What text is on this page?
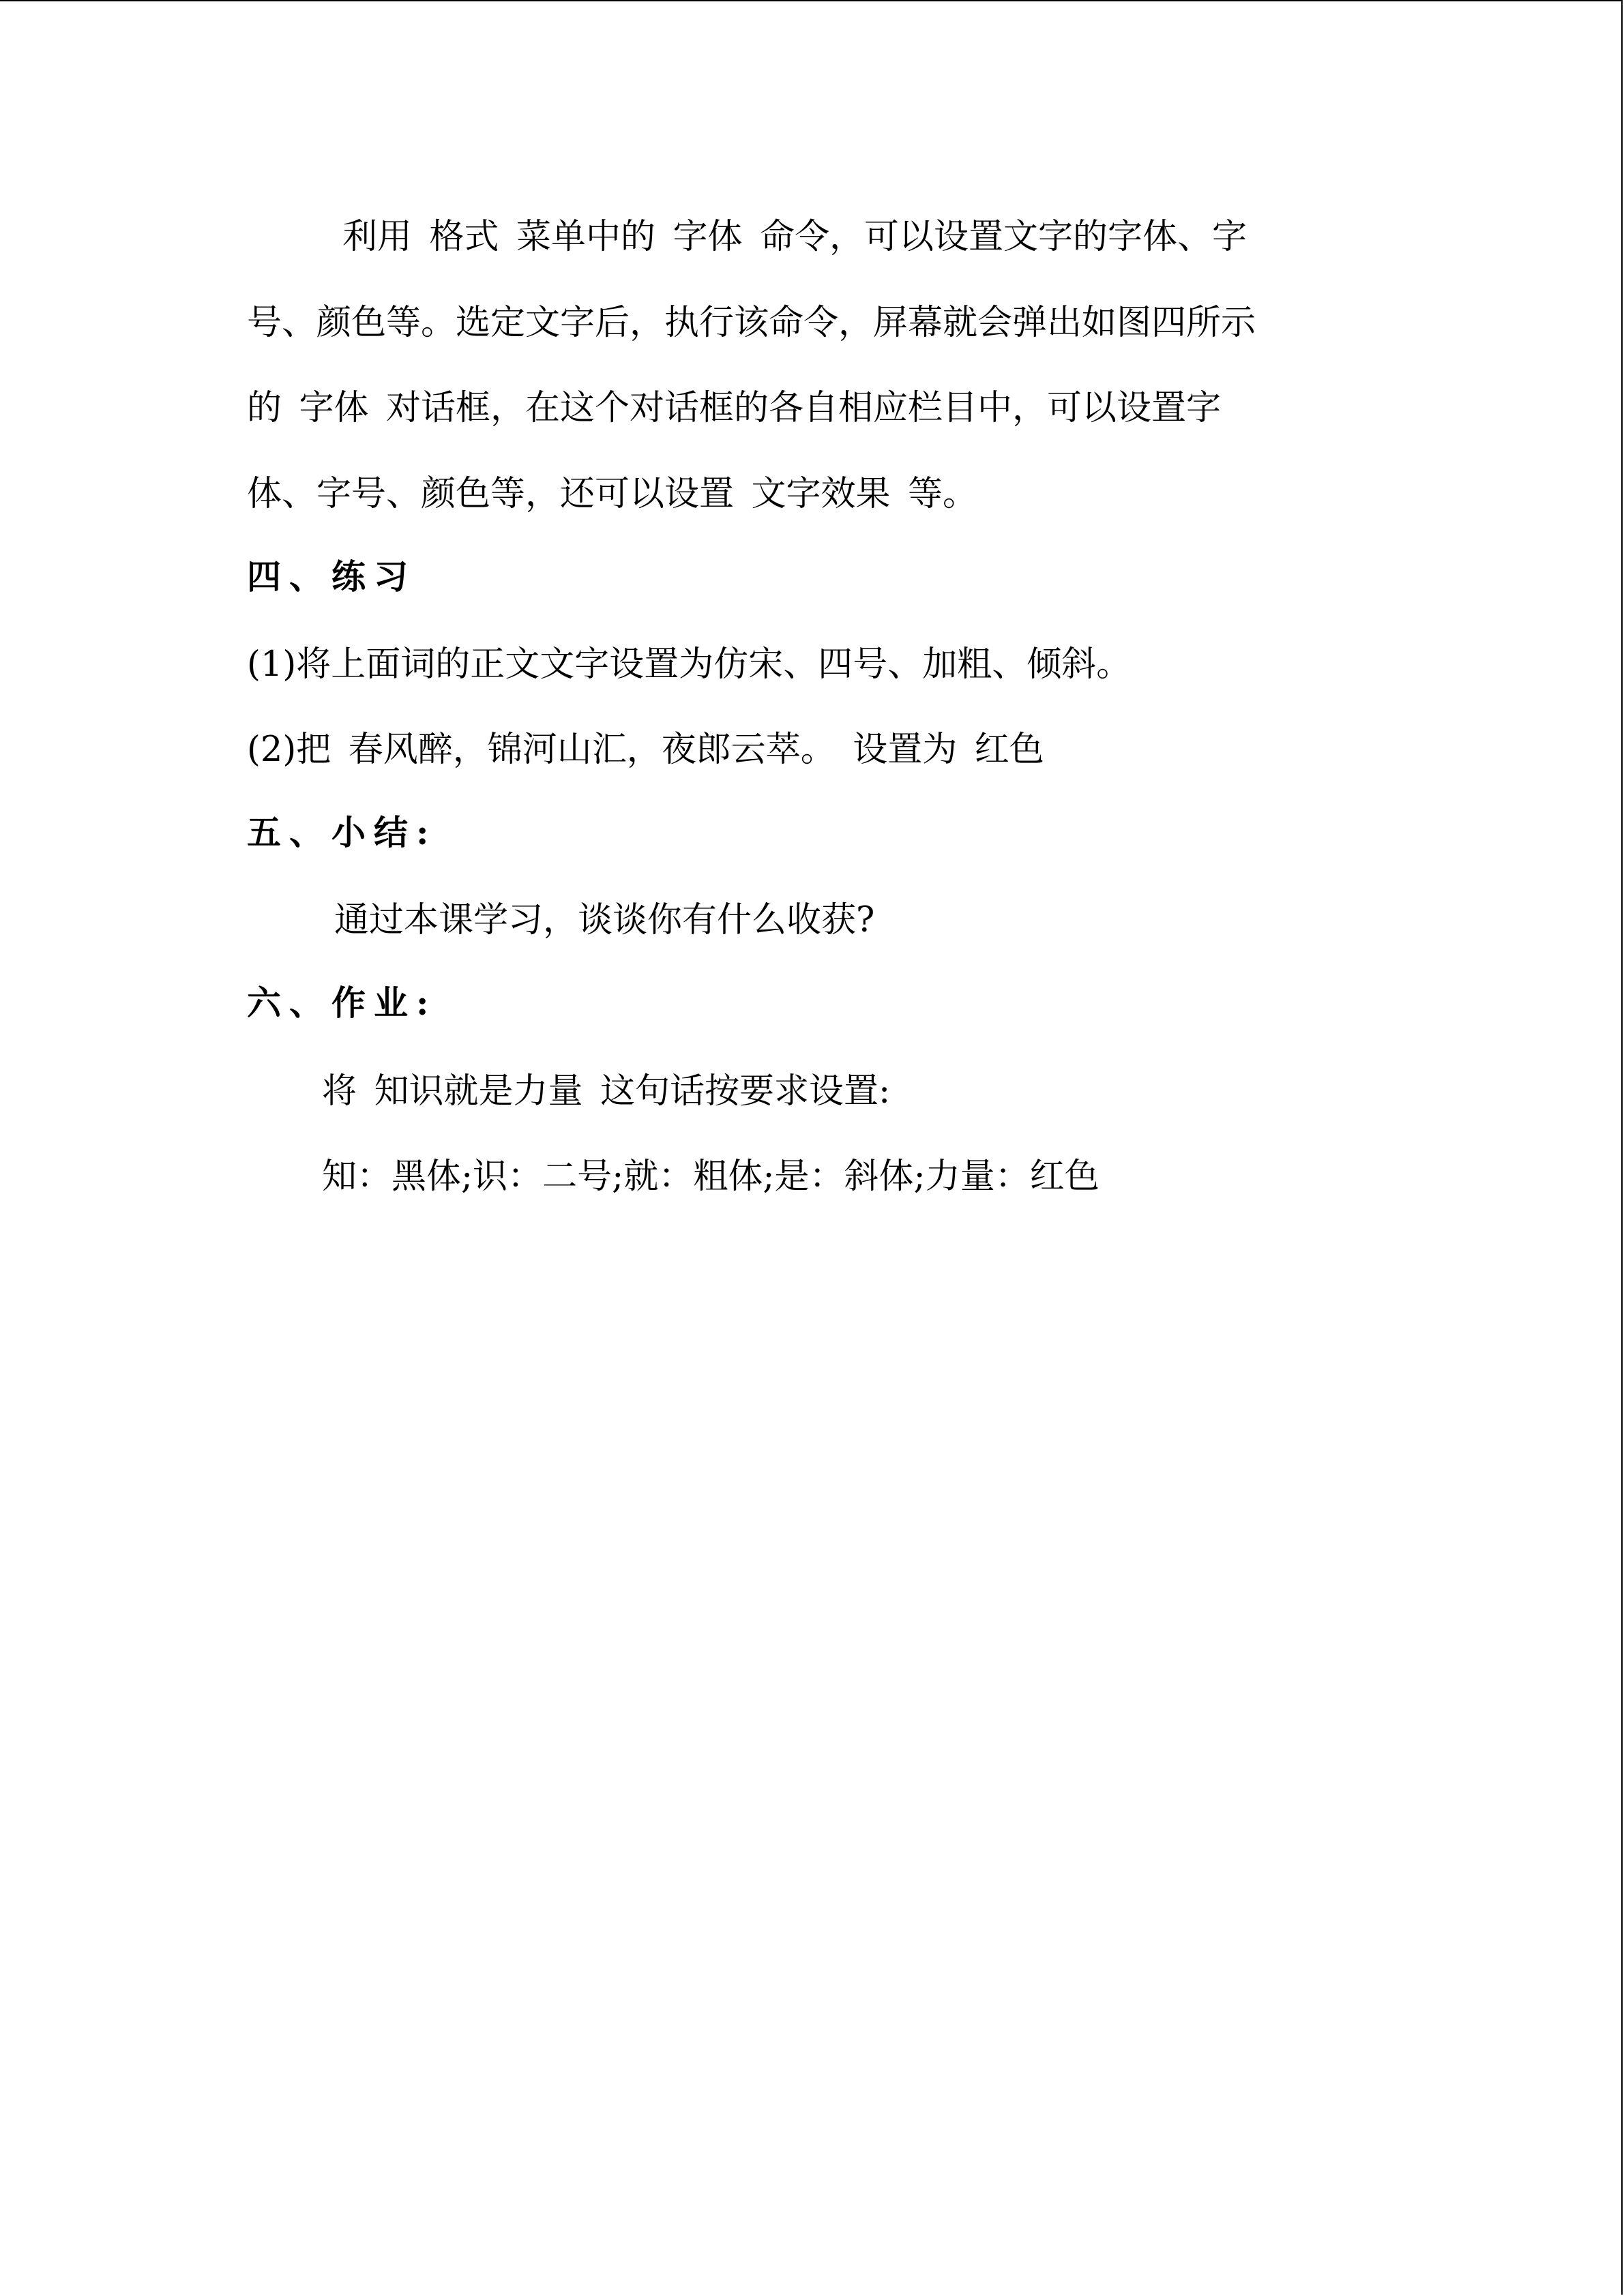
利用 格式 菜单中的 字体 命令，可以设置文字的字体、字
号、颜色等。选定文字后，执行该命令，屏幕就会弹出如图四所示
的 字体 对话框，在这个对话框的各自相应栏目中，可以设置字
体、字号、颜色等，还可以设置 文字效果 等。
四、练习
(1)将上面词的正文文字设置为仿宋、四号、加粗、倾斜。
(2)把 春风醉，锦河山汇，夜郎云萃。 设置为 红色 
五、小结:
通过本课学习，谈谈你有什么收获?
六、作业:
将 知识就是力量 这句话按要求设置:
知：黑体;识：二号;就：粗体;是：斜体;力量：红色
